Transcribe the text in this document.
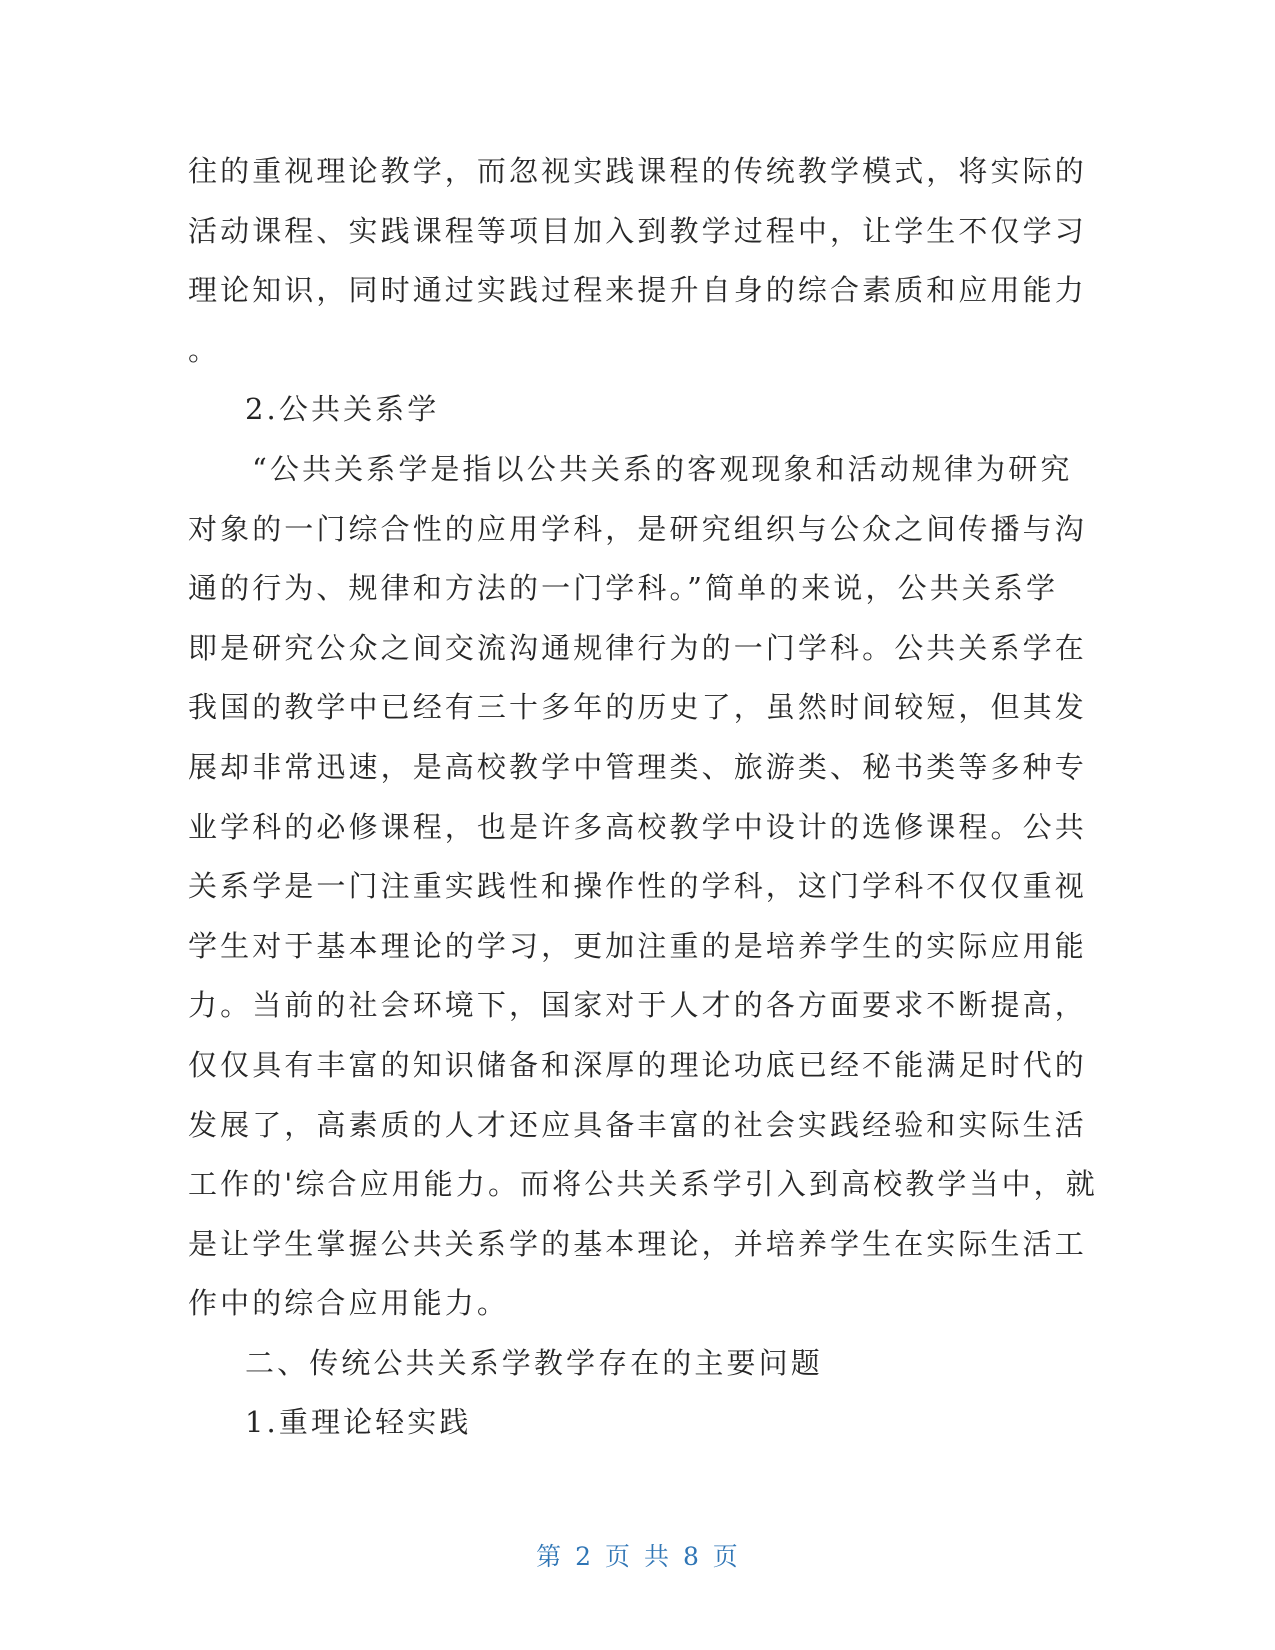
往的重视理论教学，而忽视实践课程的传统教学模式，将实际的
活动课程、实践课程等项目加入到教学过程中，让学生不仅学习
理论知识，同时通过实践过程来提升自身的综合素质和应用能力
。
2.公共关系学
“公共关系学是指以公共关系的客观现象和活动规律为研究
对象的一门综合性的应用学科，是研究组织与公众之间传播与沟
通的行为、规律和方法的一门学科。”简单的来说，公共关系学
即是研究公众之间交流沟通规律行为的一门学科。公共关系学在
我国的教学中已经有三十多年的历史了，虽然时间较短，但其发
展却非常迅速，是高校教学中管理类、旅游类、秘书类等多种专
业学科的必修课程，也是许多高校教学中设计的选修课程。公共
关系学是一门注重实践性和操作性的学科，这门学科不仅仅重视
学生对于基本理论的学习，更加注重的是培养学生的实际应用能
力。当前的社会环境下，国家对于人才的各方面要求不断提高，
仅仅具有丰富的知识储备和深厚的理论功底已经不能满足时代的
发展了，高素质的人才还应具备丰富的社会实践经验和实际生活
工作的'综合应用能力。而将公共关系学引入到高校教学当中，就
是让学生掌握公共关系学的基本理论，并培养学生在实际生活工
作中的综合应用能力。
二、传统公共关系学教学存在的主要问题
1.重理论轻实践
第 2 页 共 8 页
